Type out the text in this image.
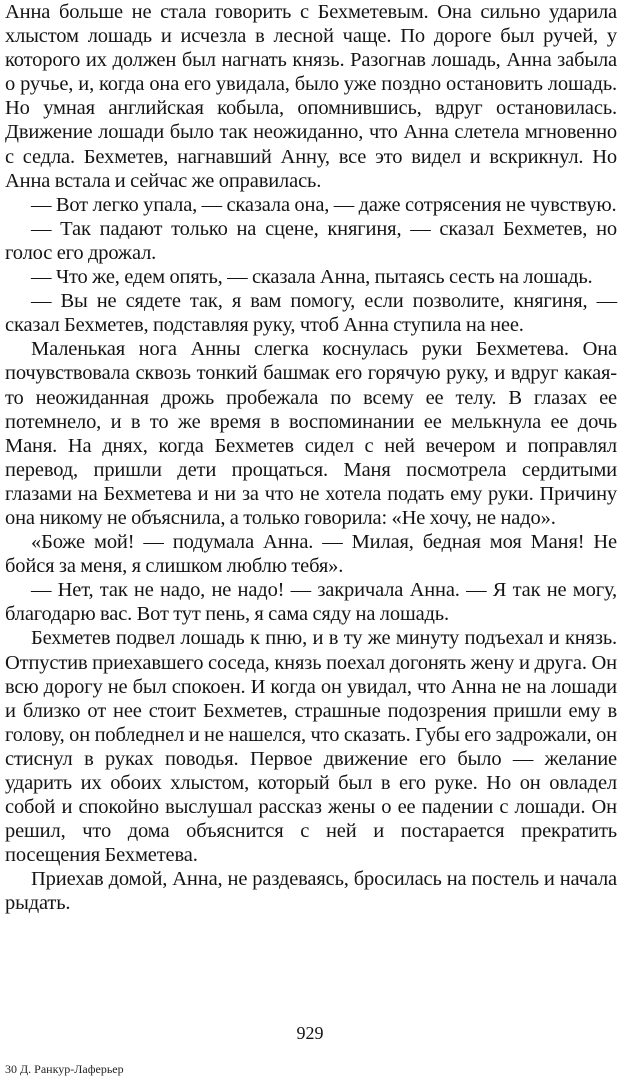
Анна больше не стала говорить с Бехметевым. Она сильно ударила хлыстом лошадь и исчезла в лесной чаще. По дороге был ручей, у которого их должен был нагнать князь. Разогнав лошадь, Анна забыла о ручье, и, когда она его увидала, было уже поздно остановить лошадь. Но умная английская кобыла, опомнившись, вдруг остановилась. Движение лошади было так неожиданно, что Анна слетела мгновенно с седла. Бехметев, нагнавший Анну, все это видел и вскрикнул. Но Анна встала и сейчас же оправилась.

— Вот легко упала, — сказала она, — даже сотрясения не чувствую.

— Так падают только на сцене, княгиня, — сказал Бехметев, но голос его дрожал.

— Что же, едем опять, — сказала Анна, пытаясь сесть на лошадь.

— Вы не сядете так, я вам помогу, если позволите, княгиня, — сказал Бехметев, подставляя руку, чтоб Анна ступила на нее.

Маленькая нога Анны слегка коснулась руки Бехметева. Она почувствовала сквозь тонкий башмак его горячую руку, и вдруг какая-то неожиданная дрожь пробежала по всему ее телу. В глазах ее потемнело, и в то же время в воспоминании ее мелькнула ее дочь Маня. На днях, когда Бехметев сидел с ней вечером и поправлял перевод, пришли дети прощаться. Маня посмотрела сердитыми глазами на Бехметева и ни за что не хотела подать ему руки. Причину она никому не объяснила, а только говорила: «Не хочу, не надо».

«Боже мой! — подумала Анна. — Милая, бедная моя Маня! Не бойся за меня, я слишком люблю тебя».

— Нет, так не надо, не надо! — закричала Анна. — Я так не могу, благодарю вас. Вот тут пень, я сама сяду на лошадь.

Бехметев подвел лошадь к пню, и в ту же минуту подъехал и князь. Отпустив приехавшего соседа, князь поехал догонять жену и друга. Он всю дорогу не был спокоен. И когда он увидал, что Анна не на лошади и близко от нее стоит Бехметев, страшные подозрения пришли ему в голову, он побледнел и не нашелся, что сказать. Губы его задрожали, он стиснул в руках поводья. Первое движение его было — желание ударить их обоих хлыстом, который был в его руке. Но он овладел собой и спокойно выслушал рассказ жены о ее падении с лошади. Он решил, что дома объяснится с ней и постарается прекратить посещения Бехметева.

Приехав домой, Анна, не раздеваясь, бросилась на постель и начала рыдать.

929
30 Д. Ранкур-Лаферьер
